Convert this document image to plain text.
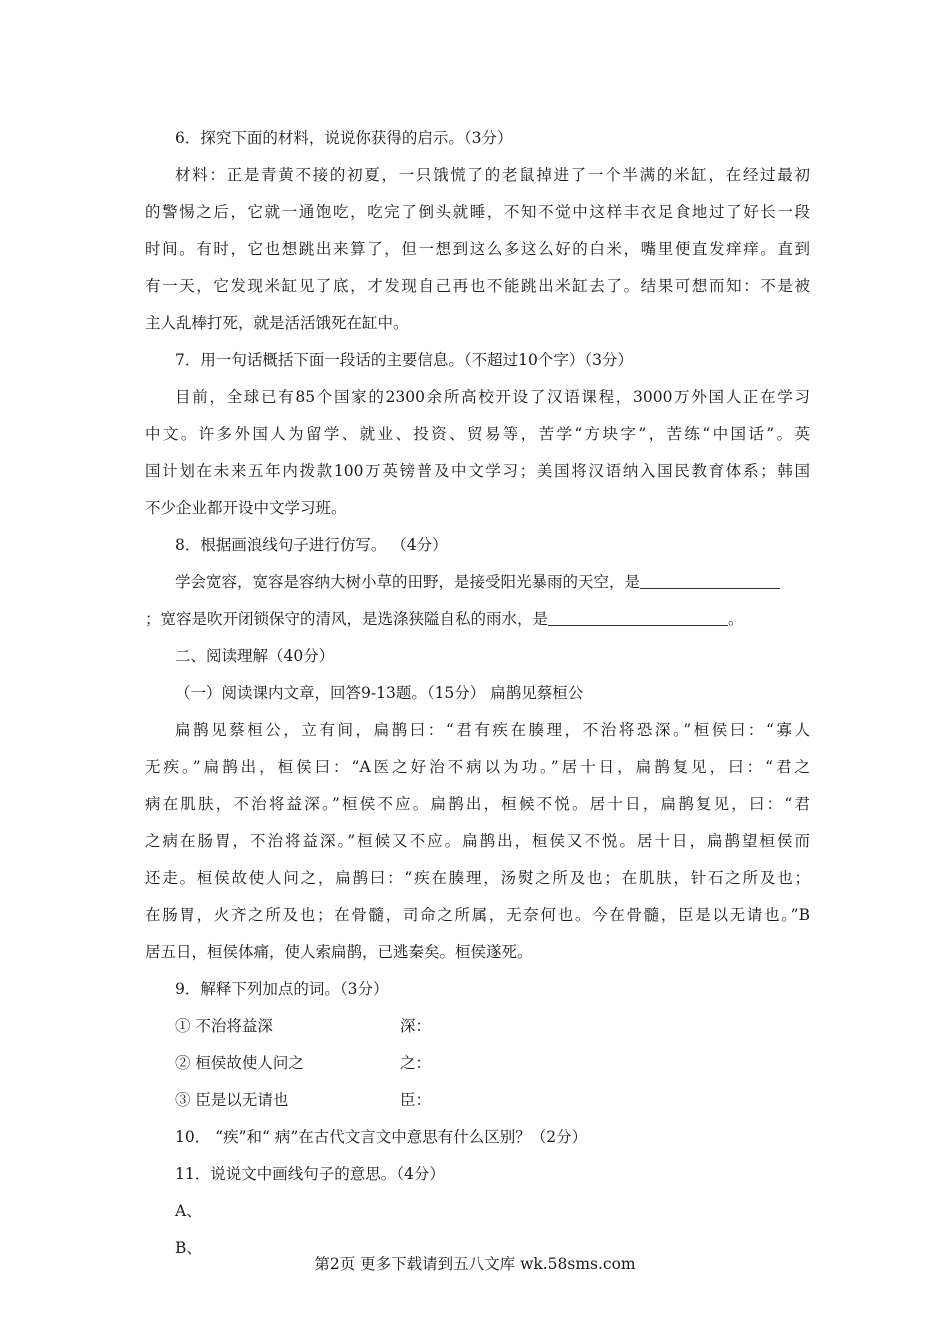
6．探究下面的材料，说说你获得的启示。（3分）
材料：正是青黄不接的初夏，一只饿慌了的老鼠掉进了一个半满的米缸，在经过最初
的警惕之后，它就一通饱吃，吃完了倒头就睡，不知不觉中这样丰衣足食地过了好长一段
时间。有时，它也想跳出来算了，但一想到这么多这么好的白米，嘴里便直发痒痒。直到
有一天，它发现米缸见了底，才发现自己再也不能跳出米缸去了。结果可想而知：不是被
主人乱棒打死，就是活活饿死在缸中。
7．用一句话概括下面一段话的主要信息。（不超过10个字）（3分）
目前，全球已有85个国家的2300余所高校开设了汉语课程，3000万外国人正在学习
中文。许多外国人为留学、就业、投资、贸易等，苦学“方块字”，苦练“中国话”。英
国计划在未来五年内拨款100万英镑普及中文学习；美国将汉语纳入国民教育体系；韩国
不少企业都开设中文学习班。
8．根据画浪线句子进行仿写。 （4分）
学会宽容，宽容是容纳大树小草的田野，是接受阳光暴雨的天空，是
；宽容是吹开闭锁保守的清风，是选涤狭隘自私的雨水，是	。
二、阅读理解（40分）
（一）阅读课内文章，回答9-13题。（15分） 扁鹊见蔡桓公
扁鹊见蔡桓公，立有间，扁鹊曰：“君有疾在腠理，不治将恐深。”桓侯曰：“寡人
无疾。”扁鹊出，桓侯曰：“A医之好治不病以为功。”居十日，扁鹊复见，曰：“君之
病在肌肤，不治将益深。”桓侯不应。扁鹊出，桓候不悦。居十日，扁鹊复见，曰：“君
之病在肠胃，不治将益深。”桓候又不应。扁鹊出，桓侯又不悦。居十日，扁鹊望桓侯而
还走。桓侯故使人问之，扁鹊曰：“疾在腠理，汤熨之所及也；在肌肤，针石之所及也；
在肠胃，火齐之所及也；在骨髓，司命之所属，无奈何也。今在骨髓，臣是以无请也。”B
居五日，桓侯体痛，使人索扁鹊，已逃秦矣。桓侯遂死。
9．解释下列加点的词。（3分）
① 不治将益深	深：
② 桓侯故使人问之	之：
③ 臣是以无请也	臣：
10． “疾”和“ 病”在古代文言文中意思有什么区别？（2分）
11．说说文中画线句子的意思。（4分）
A、
B、
第2页 更多下载请到五八文库 wk.58sms.com
